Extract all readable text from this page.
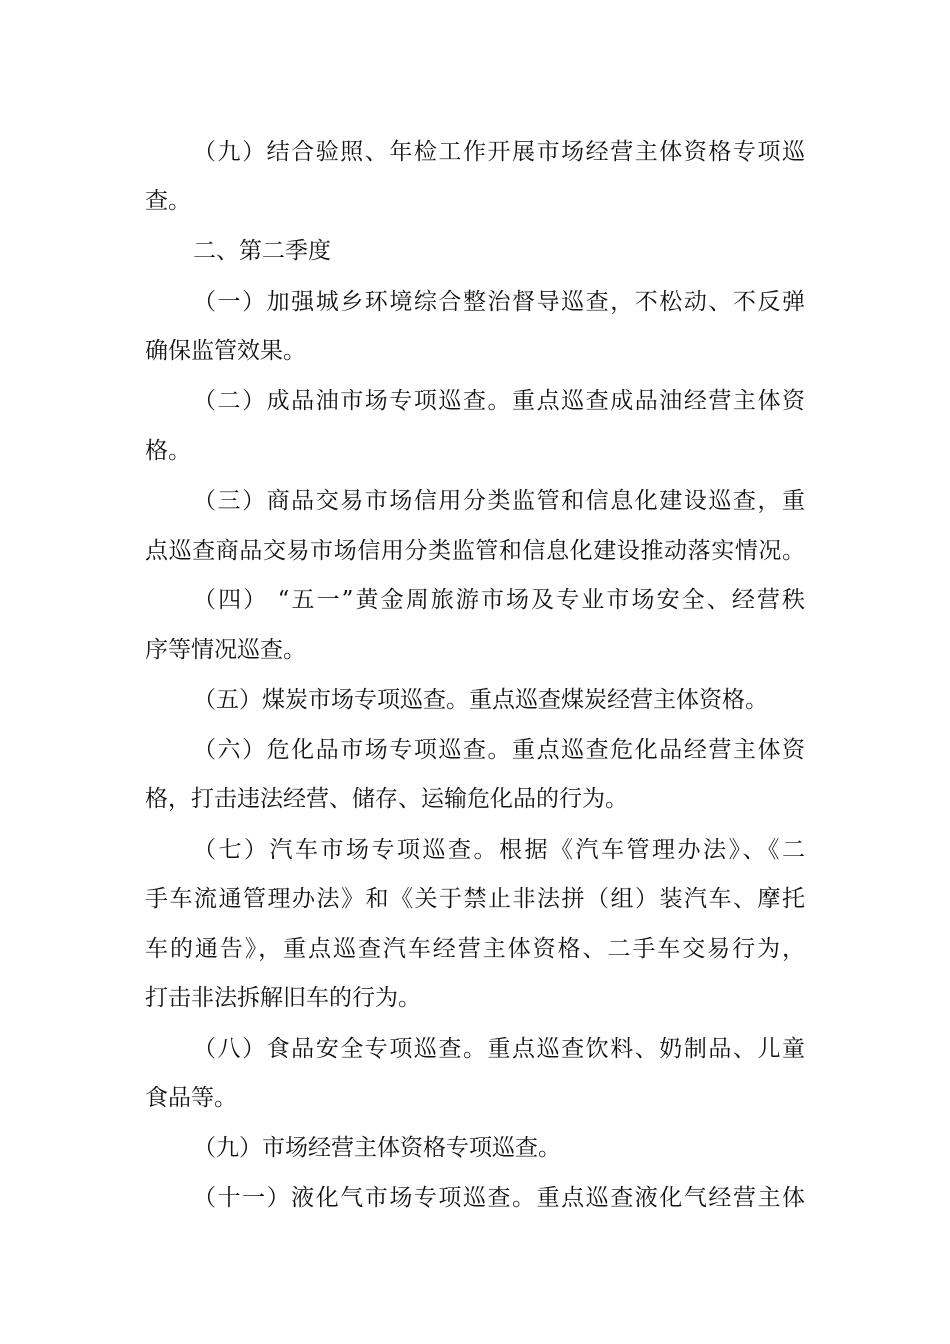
（九）结合验照、年检工作开展市场经营主体资格专项巡
查。
二、第二季度
（一）加强城乡环境综合整治督导巡查，不松动、不反弹
确保监管效果。
（二）成品油市场专项巡查。重点巡查成品油经营主体资
格。
（三）商品交易市场信用分类监管和信息化建设巡查，重
点巡查商品交易市场信用分类监管和信息化建设推动落实情况。
（四） “五一”黄金周旅游市场及专业市场安全、经营秩
序等情况巡查。
（五）煤炭市场专项巡查。重点巡查煤炭经营主体资格。
（六）危化品市场专项巡查。重点巡查危化品经营主体资
格，打击违法经营、储存、运输危化品的行为。
（七）汽车市场专项巡查。根据《汽车管理办法》、《二
手车流通管理办法》和《关于禁止非法拼（组）装汽车、摩托
车的通告》，重点巡查汽车经营主体资格、二手车交易行为，
打击非法拆解旧车的行为。
（八）食品安全专项巡查。重点巡查饮料、奶制品、儿童
食品等。
（九）市场经营主体资格专项巡查。
（十一）液化气市场专项巡查。重点巡查液化气经营主体
